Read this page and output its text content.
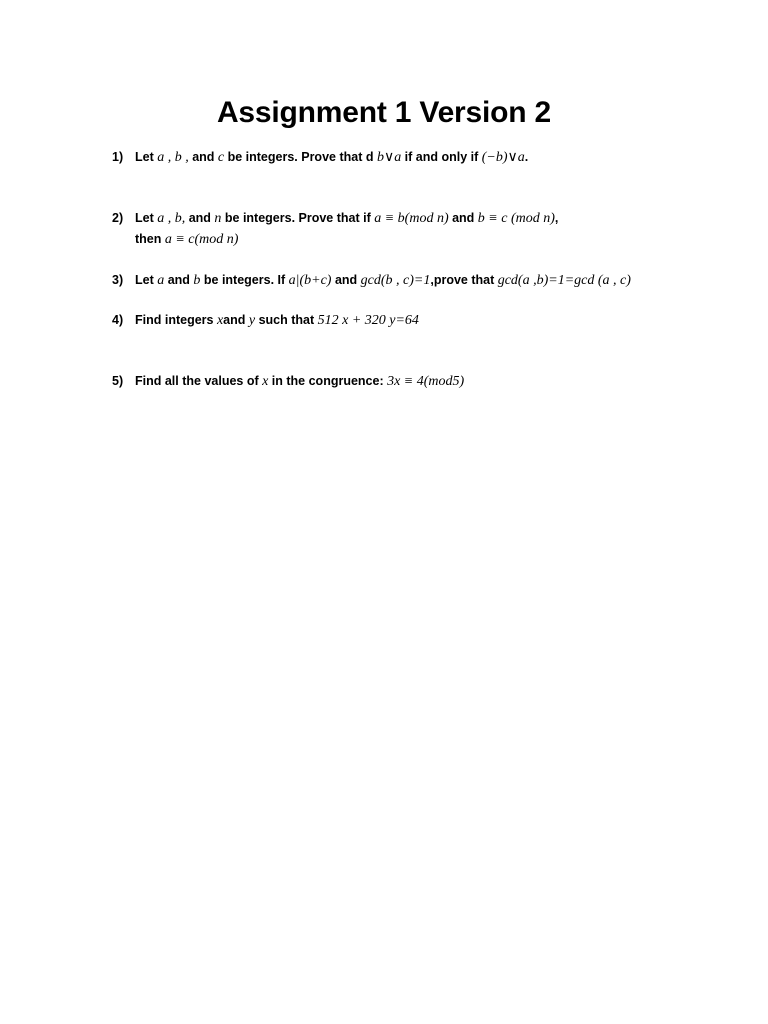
Assignment 1 Version 2
1) Let a , b , and c be integers. Prove that d b∨a if and only if (−b)∨a.
2) Let a , b, and n be integers. Prove that if a ≡ b(mod n) and b ≡ c (mod n),
then a ≡ c(mod n)
3) Let a and b be integers. If a|(b+c) and gcd(b , c)=1,prove that gcd(a ,b)=1=gcd (a , c)
4) Find integers xand y such that 512 x + 320 y=64
5) Find all the values of x in the congruence: 3x ≡ 4(mod5)
